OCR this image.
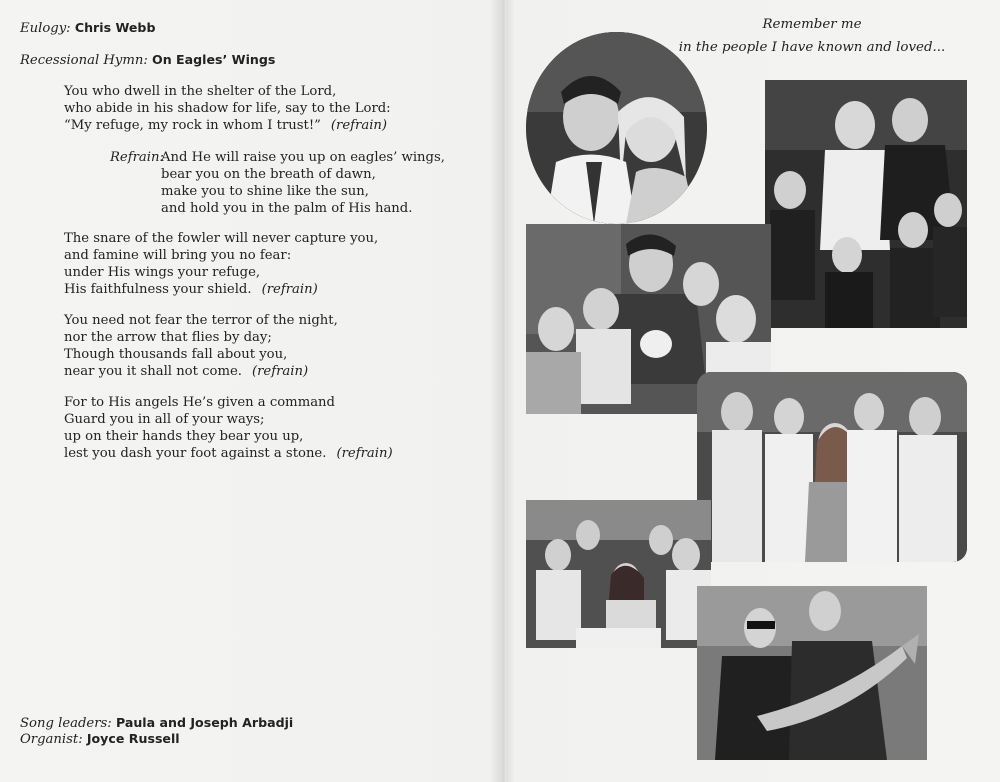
Eulogy: Chris Webb
Recessional Hymn: On Eagles’ Wings
You who dwell in the shelter of the Lord,
who abide in his shadow for life, say to the Lord:
“My refuge, my rock in whom I trust!” (refrain)
Refrain:
And He will raise you up on eagles’ wings,
bear you on the breath of dawn,
make you to shine like the sun,
and hold you in the palm of His hand.
The snare of the fowler will never capture you,
and famine will bring you no fear:
under His wings your refuge,
His faithfulness your shield. (refrain)
You need not fear the terror of the night,
nor the arrow that flies by day;
Though thousands fall about you,
near you it shall not come. (refrain)
For to His angels He’s given a command
Guard you in all of your ways;
up on their hands they bear you up,
lest you dash your foot against a stone. (refrain)
Song leaders: Paula and Joseph Arbadji
Organist: Joyce Russell
Remember me
in the people I have known and loved...
